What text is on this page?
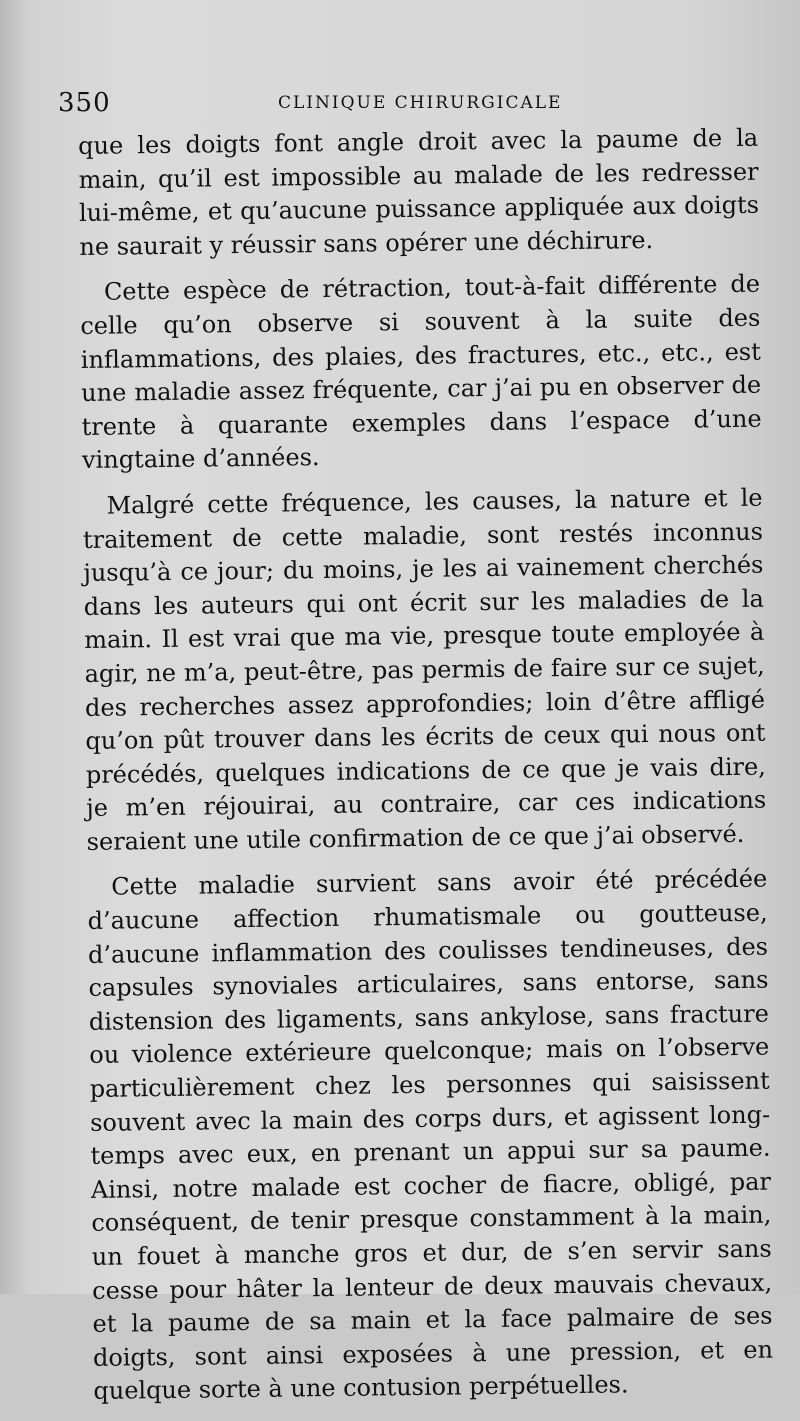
350	CLINIQUE CHIRURGICALE

que les doigts font angle droit avec la paume de la main, qu’il est impossible au malade de les redresser lui-même, et qu’aucune puissance appliquée aux doigts ne saurait y réussir sans opérer une déchirure.

Cette espèce de rétraction, tout-à-fait différente de celle qu’on observe si souvent à la suite des inflammations, des plaies, des fractures, etc., etc., est une maladie assez fréquente, car j’ai pu en observer de trente à quarante exemples dans l’espace d’une vingtaine d’années.

Malgré cette fréquence, les causes, la nature et le traitement de cette maladie, sont restés inconnus jusqu’à ce jour; du moins, je les ai vainement cherchés dans les auteurs qui ont écrit sur les maladies de la main. Il est vrai que ma vie, presque toute employée à agir, ne m’a, peut-être, pas permis de faire sur ce sujet, des recherches assez approfondies; loin d’être affligé qu’on pût trouver dans les écrits de ceux qui nous ont précédés, quelques indications de ce que je vais dire, je m’en réjouirai, au contraire, car ces indications seraient une utile confirmation de ce que j’ai observé.

Cette maladie survient sans avoir été précédée d’aucune affection rhumatismale ou goutteuse, d’aucune inflammation des coulisses tendineuses, des capsules synoviales articulaires, sans entorse, sans distension des ligaments, sans ankylose, sans fracture ou violence extérieure quelconque; mais on l’observe particulièrement chez les personnes qui saisissent souvent avec la main des corps durs, et agissent long-temps avec eux, en prenant un appui sur sa paume. Ainsi, notre malade est cocher de fiacre, obligé, par conséquent, de tenir presque constamment à la main, un fouet à manche gros et dur, de s’en servir sans cesse pour hâter la lenteur de deux mauvais chevaux, et la paume de sa main et la face palmaire de ses doigts, sont ainsi exposées à une pression, et en quelque sorte à une contusion perpétuelles.
